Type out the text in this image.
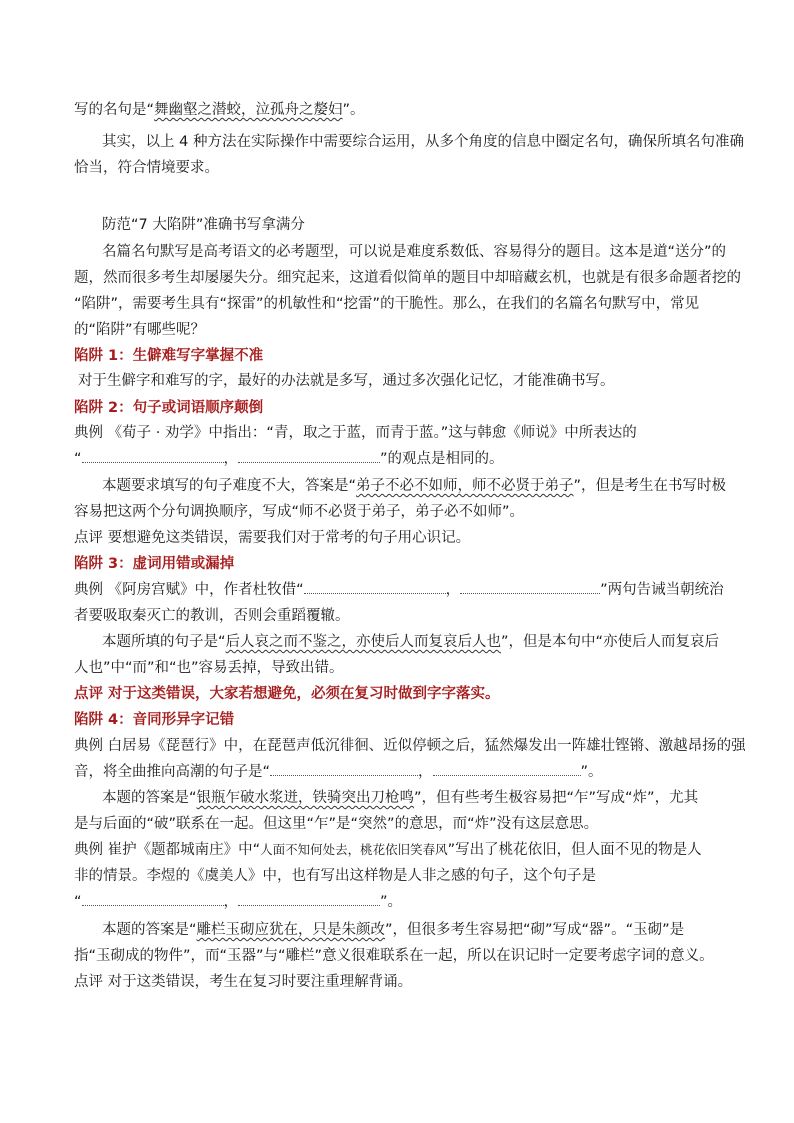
写的名句是“舞幽壑之潜蛟，泣孤舟之嫠妇”。
其实，以上 4 种方法在实际操作中需要综合运用，从多个角度的信息中圈定名句，确保所填名句准确
恰当，符合情境要求。
防范“7 大陷阱”准确书写拿满分
名篇名句默写是高考语文的必考题型，可以说是难度系数低、容易得分的题目。这本是道“送分”的
题，然而很多考生却屡屡失分。细究起来，这道看似简单的题目中却暗藏玄机，也就是有很多命题者挖的
“陷阱”，需要考生具有“探雷”的机敏性和“挖雷”的干脆性。那么，在我们的名篇名句默写中，常见
的“陷阱”有哪些呢？
陷阱 1：生僻难写字掌握不准
对于生僻字和难写的字，最好的办法就是多写，通过多次强化记忆，才能准确书写。
陷阱 2：句子或词语顺序颠倒
典例 《荀子 · 劝学》中指出：“青，取之于蓝，而青于蓝。”这与韩愈《师说》中所表达的
“	，	”的观点是相同的。
本题要求填写的句子难度不大，答案是“弟子不必不如师，师不必贤于弟子”，但是考生在书写时极
容易把这两个分句调换顺序，写成“师不必贤于弟子，弟子必不如师”。
点评 要想避免这类错误，需要我们对于常考的句子用心识记。
陷阱 3：虚词用错或漏掉
典例 《阿房宫赋》中，作者杜牧借“	，	”两句告诫当朝统治
者要吸取秦灭亡的教训，否则会重蹈覆辙。
本题所填的句子是“后人哀之而不鉴之，亦使后人而复哀后人也”，但是本句中“亦使后人而复哀后
人也”中“而”和“也”容易丢掉，导致出错。
点评 对于这类错误，大家若想避免，必须在复习时做到字字落实。
陷阱 4：音同形异字记错
典例 白居易《琵琶行》中，在琵琶声低沉徘徊、近似停顿之后，猛然爆发出一阵雄壮铿锵、激越昂扬的强
音，将全曲推向高潮的句子是“	，	”。
本题的答案是“银瓶乍破水浆迸，铁骑突出刀枪鸣”，但有些考生极容易把“乍”写成“炸”，尤其
是与后面的“破”联系在一起。但这里“乍”是“突然”的意思，而“炸”没有这层意思。
典例 崔护《题都城南庄》中“人面不知何处去，桃花依旧笑春风”写出了桃花依旧，但人面不见的物是人
非的情景。李煜的《虞美人》中，也有写出这样物是人非之感的句子，这个句子是
“	，	”。
本题的答案是“雕栏玉砌应犹在，只是朱颜改”，但很多考生容易把“砌”写成“器”。“玉砌”是
指“玉砌成的物件”，而“玉器”与“雕栏”意义很难联系在一起，所以在识记时一定要考虑字词的意义。
点评 对于这类错误，考生在复习时要注重理解背诵。
